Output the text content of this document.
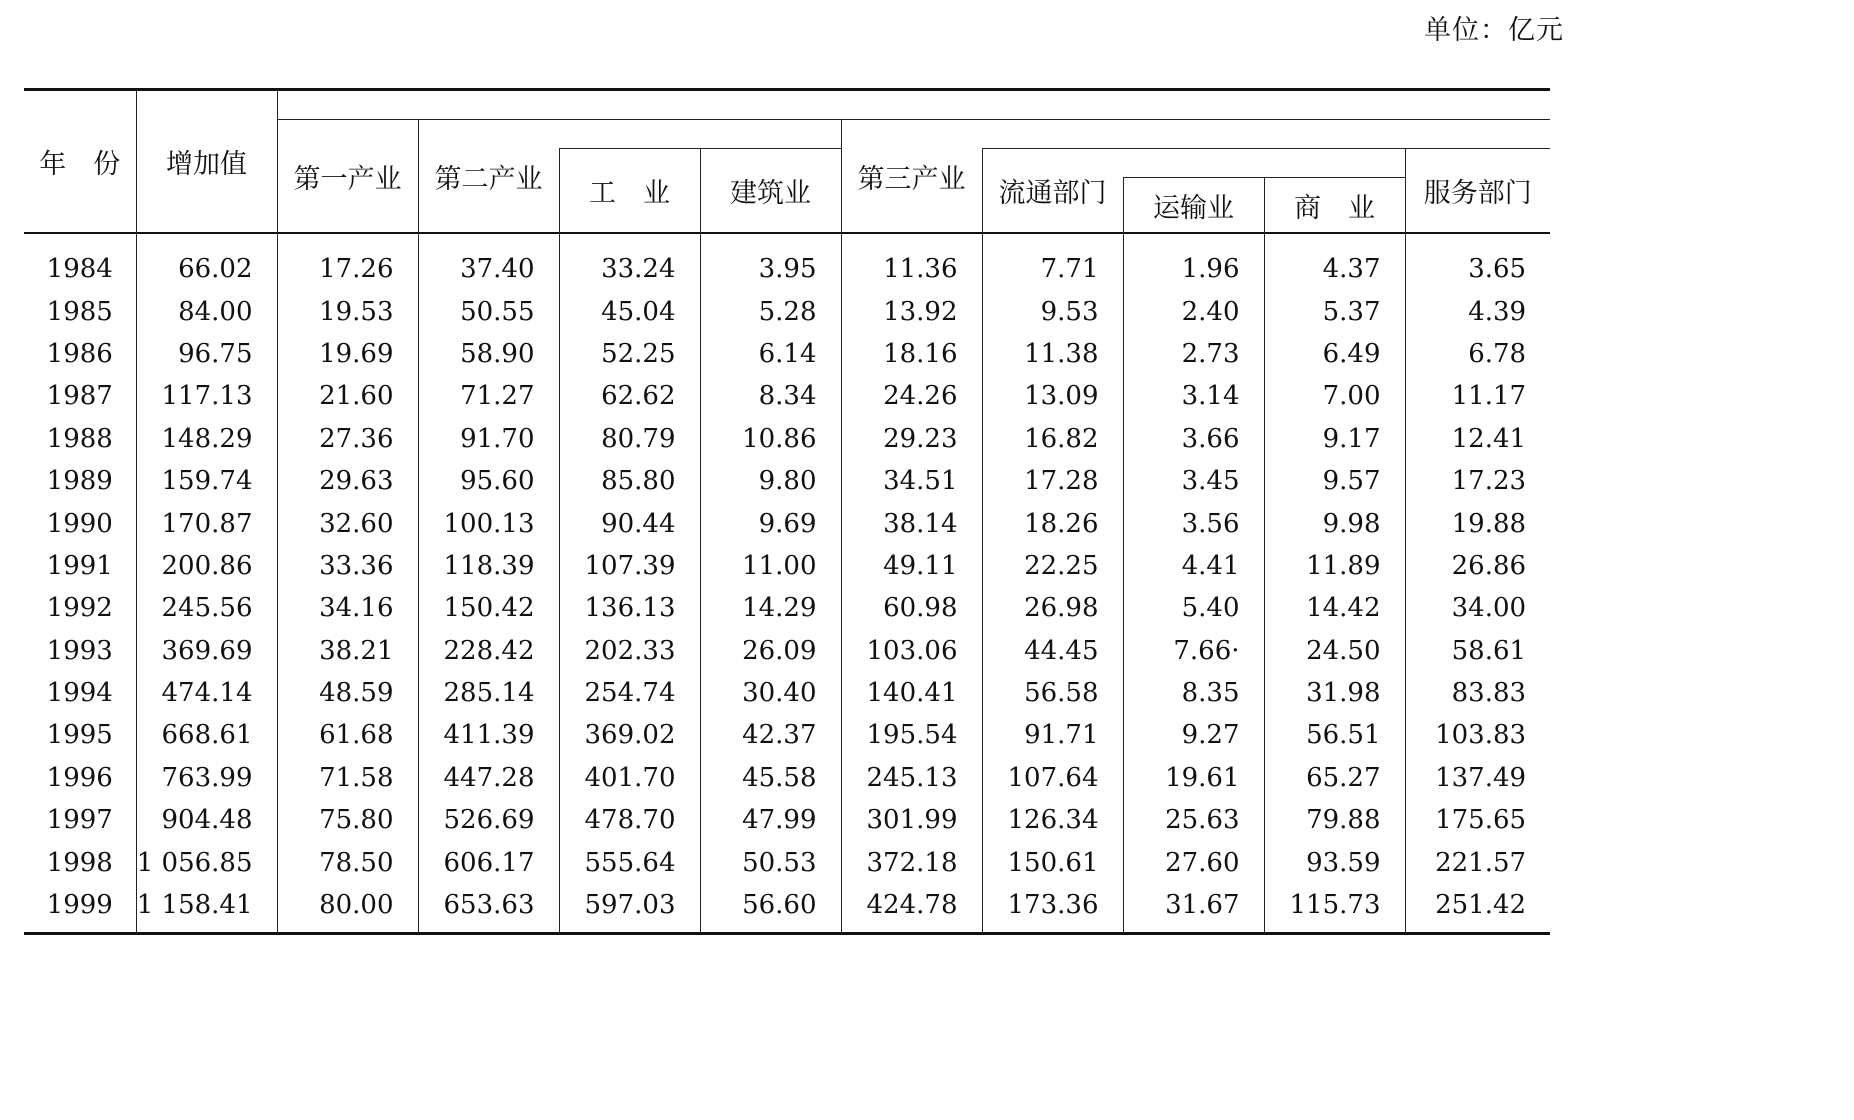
单位：亿元
年　份	增加值									
		第一产业	第二产业			第三产业				
				工　业	建筑业		流通部门			服务部门
								运输业	商　业	
1984	66.02	17.26	37.40	33.24	3.95	11.36	7.71	1.96	4.37	3.65
1985	84.00	19.53	50.55	45.04	5.28	13.92	9.53	2.40	5.37	4.39
1986	96.75	19.69	58.90	52.25	6.14	18.16	11.38	2.73	6.49	6.78
1987	117.13	21.60	71.27	62.62	8.34	24.26	13.09	3.14	7.00	11.17
1988	148.29	27.36	91.70	80.79	10.86	29.23	16.82	3.66	9.17	12.41
1989	159.74	29.63	95.60	85.80	9.80	34.51	17.28	3.45	9.57	17.23
1990	170.87	32.60	100.13	90.44	9.69	38.14	18.26	3.56	9.98	19.88
1991	200.86	33.36	118.39	107.39	11.00	49.11	22.25	4.41	11.89	26.86
1992	245.56	34.16	150.42	136.13	14.29	60.98	26.98	5.40	14.42	34.00
1993	369.69	38.21	228.42	202.33	26.09	103.06	44.45	7.66·	24.50	58.61
1994	474.14	48.59	285.14	254.74	30.40	140.41	56.58	8.35	31.98	83.83
1995	668.61	61.68	411.39	369.02	42.37	195.54	91.71	9.27	56.51	103.83
1996	763.99	71.58	447.28	401.70	45.58	245.13	107.64	19.61	65.27	137.49
1997	904.48	75.80	526.69	478.70	47.99	301.99	126.34	25.63	79.88	175.65
1998	1 056.85	78.50	606.17	555.64	50.53	372.18	150.61	27.60	93.59	221.57
1999	1 158.41	80.00	653.63	597.03	56.60	424.78	173.36	31.67	115.73	251.42
